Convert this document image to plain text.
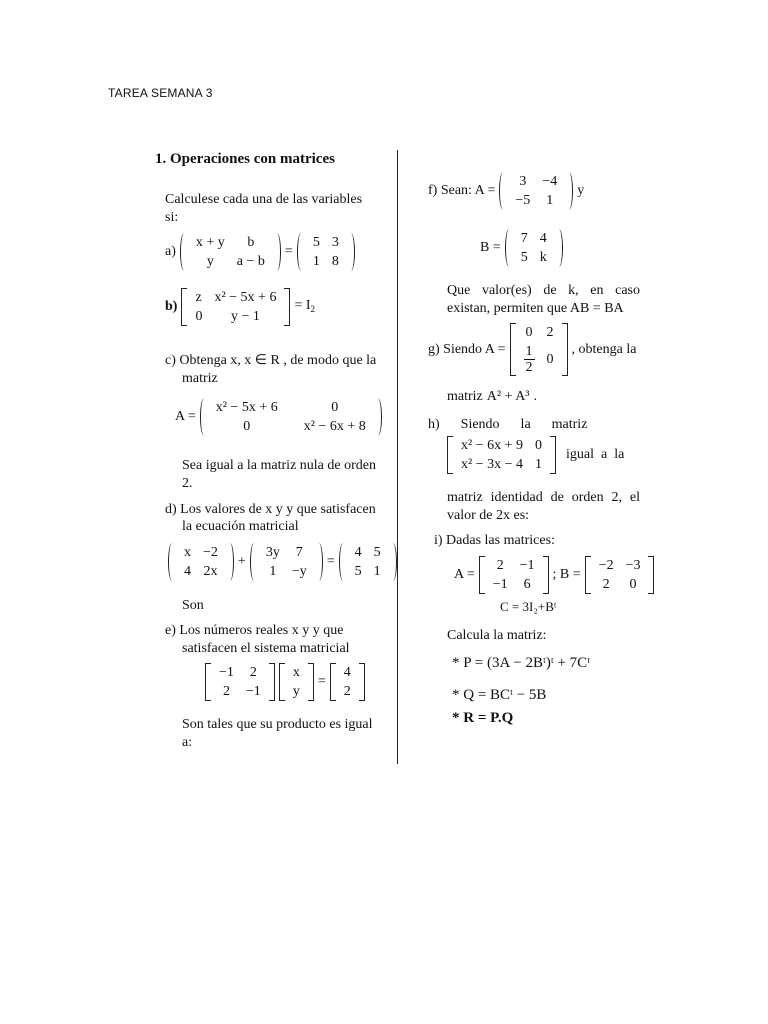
TAREA SEMANA 3
1. Operaciones con matrices
Calculese cada una de las variables
si:
a)
x + y	b
y	a − b
=
5	3
1	8
b)
z	x² − 5x + 6
0	y − 1
= $I_2$
c) Obtenga x, x ∈ R , de modo que la
matriz
A =
x² − 5x + 6	0
0	x² − 6x + 8
Sea igual a la matriz nula de orden
2.
d) Los valores de x y y que satisfacen
la ecuación matricial
x	−2
4	2x
+
3y	7
1	−y
=
4	5
5	1
Son
e) Los números reales x y y que
satisfacen el sistema matricial
−1	2
2	−1
x
y
=
4
2
Son tales que su producto es igual
a:
f) Sean: A =
3	−4
−5	1
y
B =
7	4
5	k
Que valor(es) de k, en caso
existan, permiten que AB = BA
g) Siendo A =
0	2

$\frac{1}{2}$	0
, obtenga la
matriz A² + A³ .
h)      Siendo      la      matriz
x² − 6x + 9	0
x² − 3x − 4	1
igual  a  la
matriz identidad de orden 2, el
valor de 2x es:
i) Dadas las matrices:
A =
2	−1
−1	6
; B =
−2	−3
2	0
C = 3I₂+Bᵗ
Calcula la matriz:
* P = (3A − 2Bᵗ)ᵗ + 7Cᵗ
* Q = BCᵗ − 5B
* R = P.Q
